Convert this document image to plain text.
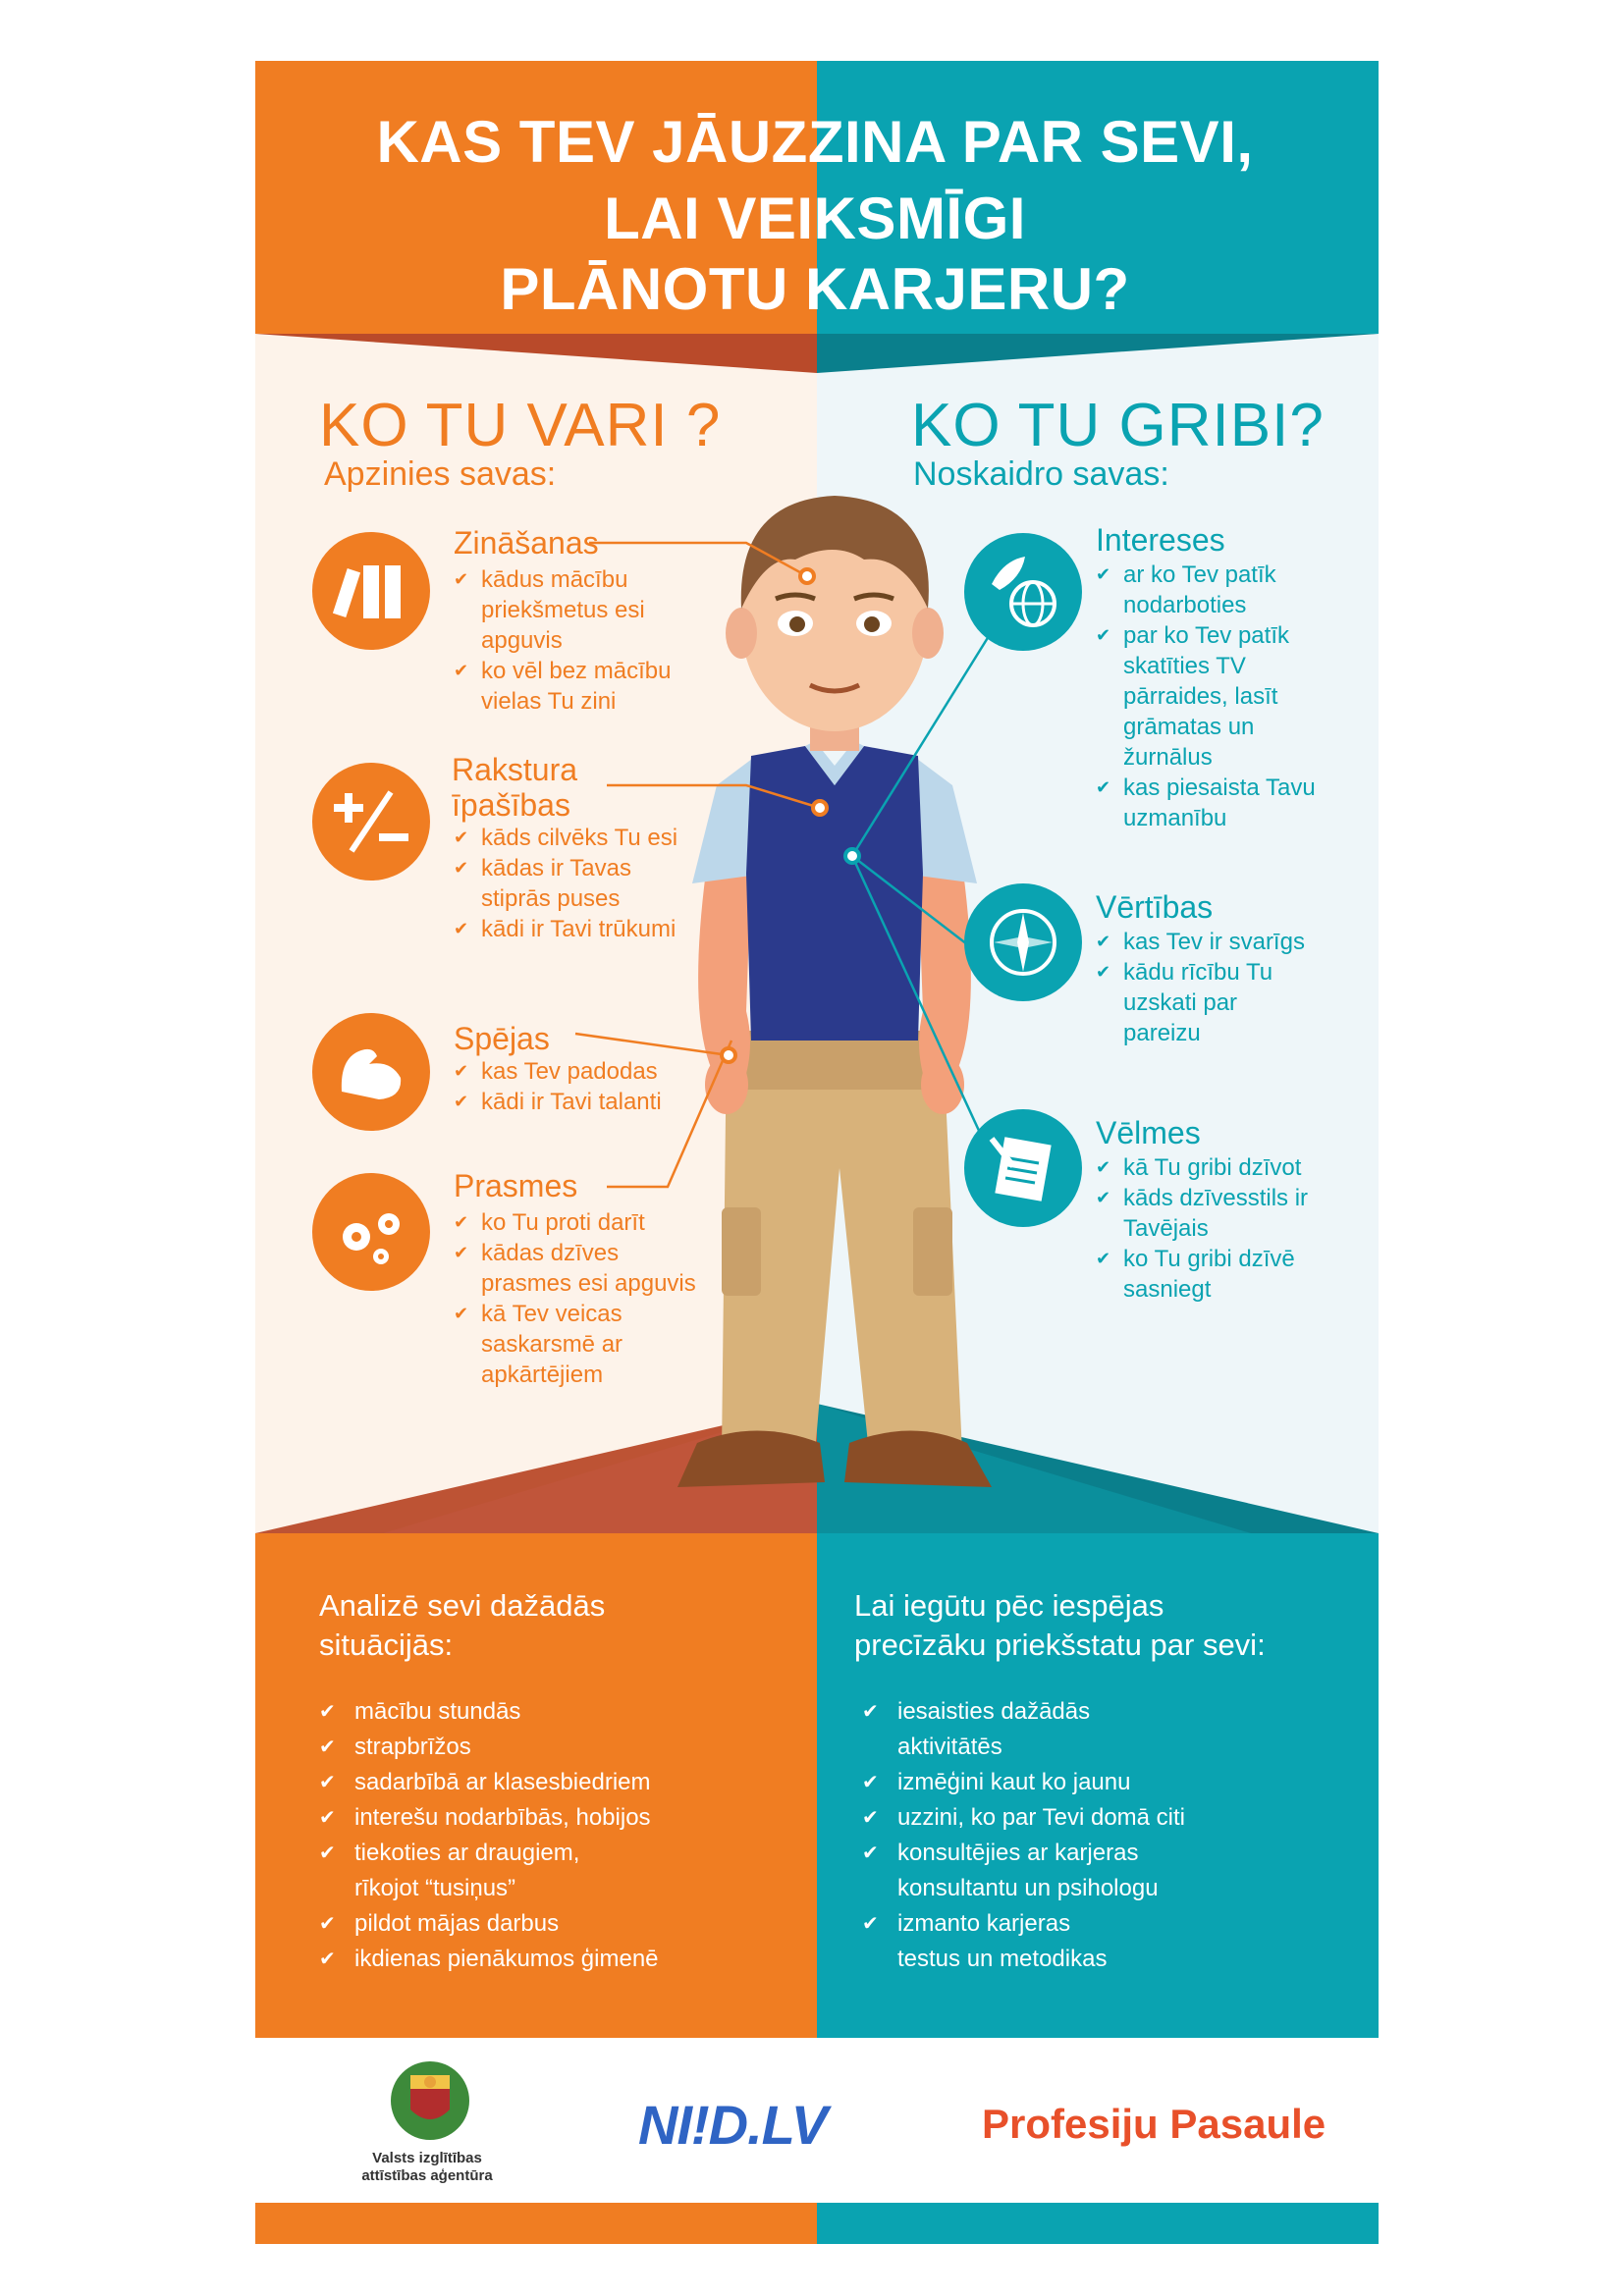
KAS TEV JĀUZZINA PAR SEVI,
LAI VEIKSMĪGI
PLĀNOTU KARJERU?
KO TU VARI ?
Apzinies savas:
KO TU GRIBI?
Noskaidro savas:
Zināšanas
✔ kādus mācību priekšmetus esi apguvis
✔ ko vēl bez mācību vielas Tu zini
Rakstura
īpašības
✔ kāds cilvēks Tu esi
✔ kādas ir Tavas stiprās puses
✔ kādi ir Tavi trūkumi
Spējas
✔ kas Tev padodas
✔ kādi ir Tavi talanti
Prasmes
✔ ko Tu proti darīt
✔ kādas dzīves prasmes esi apguvis
✔ kā Tev veicas saskarsmē ar apkārtējiem
Intereses
✔ ar ko Tev patīk nodarboties
✔ par ko Tev patīk skatīties TV pārraides, lasīt grāmatas un žurnālus
✔ kas piesaista Tavu uzmanību
Vērtības
✔ kas Tev ir svarīgs
✔ kādu rīcību Tu uzskati par pareizu
Vēlmes
✔ kā Tu gribi dzīvot
✔ kāds dzīvesstils ir Tavējais
✔ ko Tu gribi dzīvē sasniegt
Analizē sevi dažādās
situācijās:
✔ mācību stundās
✔ strapbrīžos
✔ sadarbībā ar klasesbiedriem
✔ interešu nodarbībās, hobijos
✔ tiekoties ar draugiem, rīkojot “tusiņus”
✔ pildot mājas darbus
✔ ikdienas pienākumos ģimenē
Lai iegūtu pēc iespējas
precīzāku priekšstatu par sevi:
✔ iesaisties dažādās aktivitātēs
✔ izmēģini kaut ko jaunu
✔ uzzini, ko par Tevi domā citi
✔ konsultējies ar karjeras konsultantu un psihologu
✔ izmanto karjeras testus un metodikas
Valsts izglītības
attīstības aģentūra
NI!D.LV	Profesiju Pasaule
